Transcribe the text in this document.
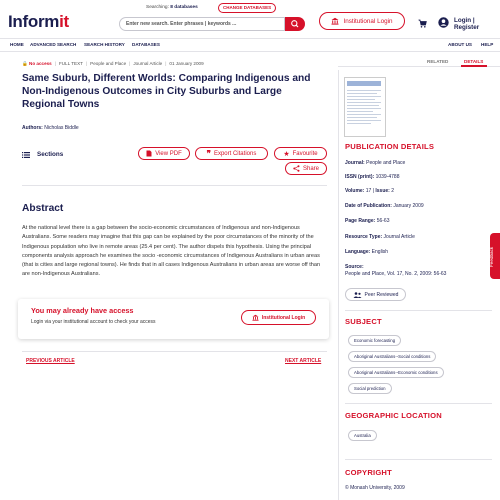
Informit
Searching: 8 databases	CHANGE DATABASES
Enter new search. Enter phrases | keywords ...	Institutional Login	Login | Register
HOME ADVANCED SEARCH SEARCH HISTORY DATABASES	ABOUT US HELP
🔒 No access | FULL TEXT | People and Place | Journal Article | 01 January 2009
Same Suburb, Different Worlds: Comparing Indigenous and Non-Indigenous Outcomes in City Suburbs and Large Regional Towns
Authors: Nicholas Biddle
Sections	View PDF	❞ Export Citations	★ Favourite
Share
Abstract
At the national level there is a gap between the socio-economic circumstances of Indigenous and non-Indigenous Australians. Some readers may imagine that this gap can be explained by the poor circumstances of the minority of the Indigenous population who live in remote areas (25.4 per cent). The author dispels this hypothesis. Using the principal components analysis approach he examines the socio -economic circumstances of Indigenous Australians in urban areas (that is cities and large regional towns). He finds that in all cases Indigenous Australians in urban areas are worse off than are non-Indigenous Australians.
You may already have access
Login via your institutional account to check your access
Institutional Login
PREVIOUS ARTICLE	NEXT ARTICLE
RELATED	DETAILS
PUBLICATION DETAILS
Journal: People and Place
ISSN (print): 1039-4788
Volume: 17 | Issue: 2
Date of Publication: January 2009
Page Range: 56-63
Resource Type: Journal Article
Language: English
Source:
People and Place, Vol. 17, No. 2, 2009: 56-63
Peer Reviewed
SUBJECT
Economic forecasting
Aboriginal Australians--Social conditions
Aboriginal Australians--Economic conditions
Social prediction
GEOGRAPHIC LOCATION
Australia
COPYRIGHT
© Monash University, 2009
Feedback
